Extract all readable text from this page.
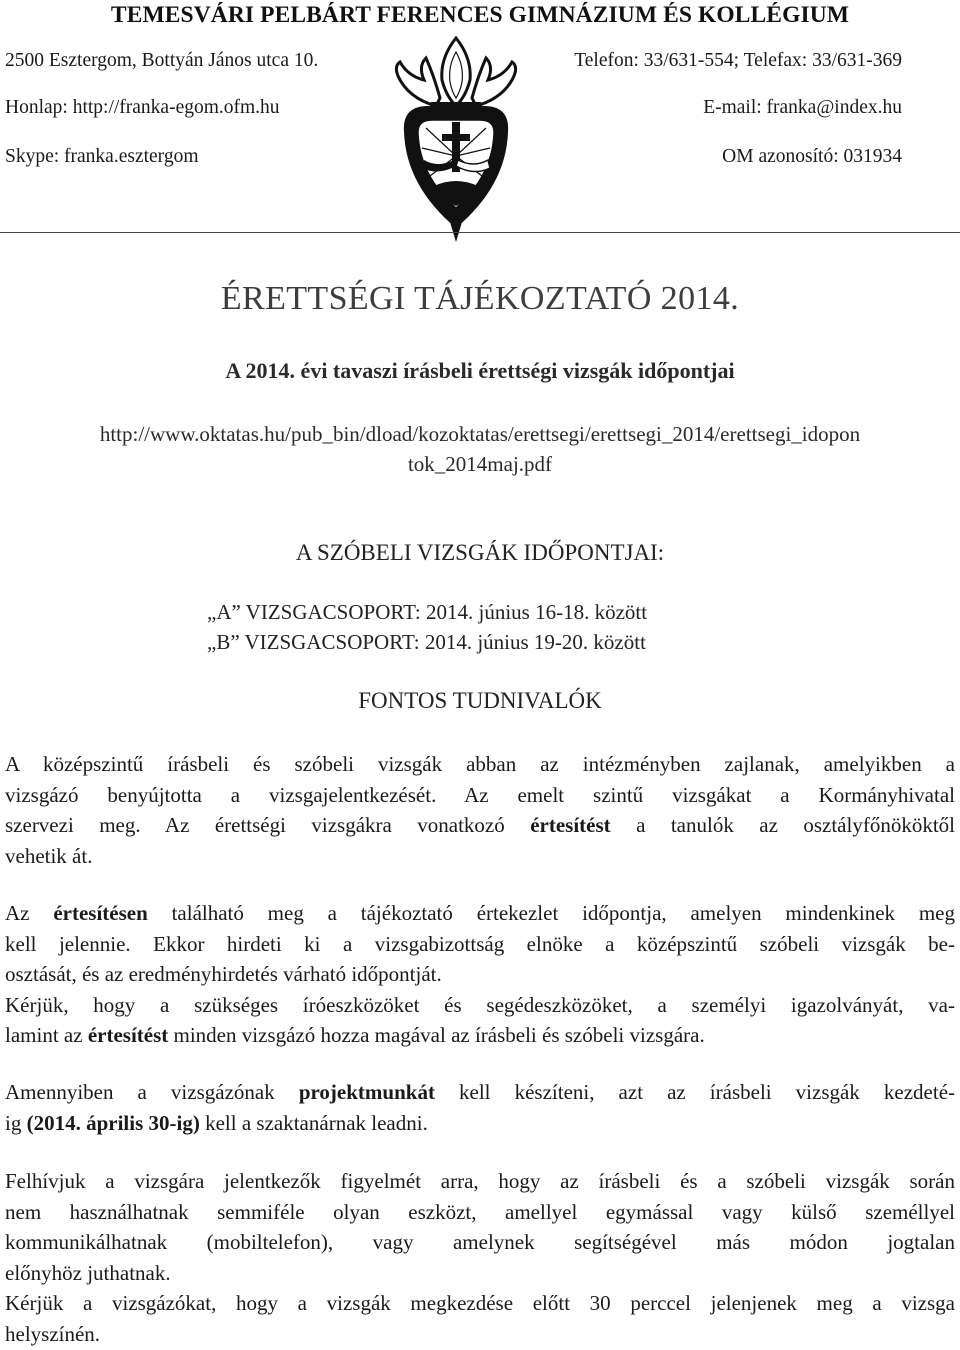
TEMESVÁRI PELBÁRT FERENCES GIMNÁZIUM ÉS KOLLÉGIUM
2500 Esztergom, Bottyán János utca 10.	Telefon: 33/631-554; Telefax: 33/631-369
Honlap: http://franka-egom.ofm.hu	E-mail: franka@index.hu
Skype: franka.esztergom	OM azonosító: 031934
ÉRETTSÉGI TÁJÉKOZTATÓ 2014.
A 2014. évi tavaszi írásbeli érettségi vizsgák időpontjai
http://www.oktatas.hu/pub_bin/dload/kozoktatas/erettsegi/erettsegi_2014/erettsegi_idopon
tok_2014maj.pdf
A SZÓBELI VIZSGÁK IDŐPONTJAI:
„A” VIZSGACSOPORT: 2014. június 16-18. között
„B” VIZSGACSOPORT: 2014. június 19-20. között
FONTOS TUDNIVALÓK
A középszintű írásbeli és szóbeli vizsgák abban az intézményben zajlanak, amelyikben a
vizsgázó benyújtotta a vizsgajelentkezését. Az emelt szintű vizsgákat a Kormányhivatal
szervezi meg. Az érettségi vizsgákra vonatkozó értesítést a tanulók az osztályfőnököktől
vehetik át.
Az értesítésen található meg a tájékoztató értekezlet időpontja, amelyen mindenkinek meg
kell jelennie. Ekkor hirdeti ki a vizsgabizottság elnöke a középszintű szóbeli vizsgák be-
osztását, és az eredményhirdetés várható időpontját.
Kérjük, hogy a szükséges íróeszközöket és segédeszközöket, a személyi igazolványát, va-
lamint az értesítést minden vizsgázó hozza magával az írásbeli és szóbeli vizsgára.
Amennyiben a vizsgázónak projektmunkát kell készíteni, azt az írásbeli vizsgák kezdeté-
ig (2014. április 30-ig) kell a szaktanárnak leadni.
Felhívjuk a vizsgára jelentkezők figyelmét arra, hogy az írásbeli és a szóbeli vizsgák során
nem használhatnak semmiféle olyan eszközt, amellyel egymással vagy külső személlyel
kommunikálhatnak (mobiltelefon), vagy amelynek segítségével más módon jogtalan
előnyhöz juthatnak.
Kérjük a vizsgázókat, hogy a vizsgák megkezdése előtt 30 perccel jelenjenek meg a vizsga
helyszínén.
